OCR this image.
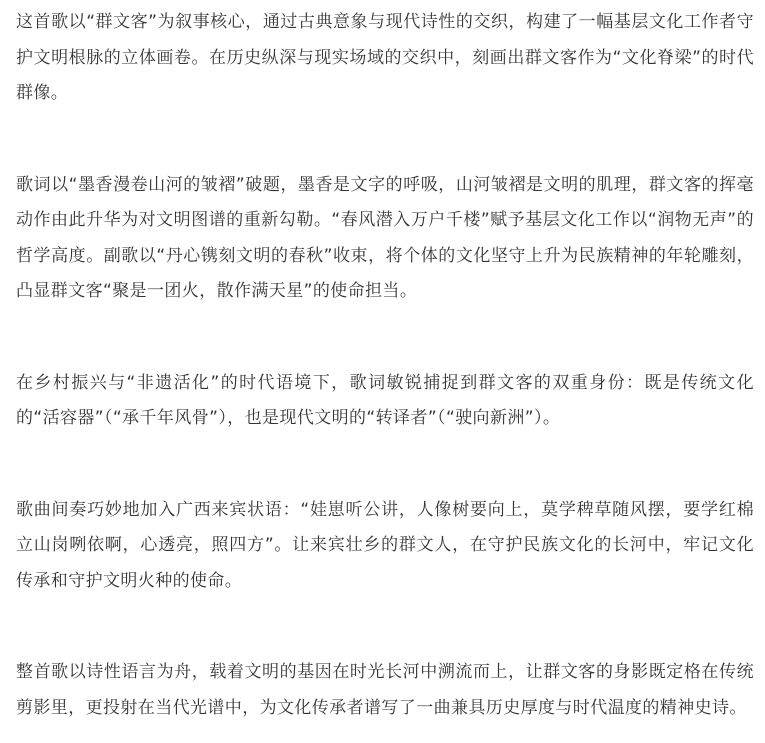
这首歌以“群文客”为叙事核心，通过古典意象与现代诗性的交织，构建了一幅基层文化工作者守护文明根脉的立体画卷。在历史纵深与现实场域的交织中，刻画出群文客作为“文化脊梁”的时代群像。

歌词以“墨香漫卷山河的皱褶”破题，墨香是文字的呼吸，山河皱褶是文明的肌理，群文客的挥毫动作由此升华为对文明图谱的重新勾勒。“春风潜入万户千楼”赋予基层文化工作以“润物无声”的哲学高度。副歌以“丹心镌刻文明的春秋”收束，将个体的文化坚守上升为民族精神的年轮雕刻，凸显群文客“聚是一团火，散作满天星”的使命担当。

在乡村振兴与“非遗活化”的时代语境下，歌词敏锐捕捉到群文客的双重身份：既是传统文化的“活容器”（“承千年风骨”），也是现代文明的“转译者”（“驶向新洲”）。

歌曲间奏巧妙地加入广西来宾状语：“娃崽听公讲，人像树要向上，莫学稗草随风摆，要学红棉立山岗咧依啊，心透亮，照四方”。让来宾壮乡的群文人，在守护民族文化的长河中，牢记文化传承和守护文明火种的使命。

整首歌以诗性语言为舟，载着文明的基因在时光长河中溯流而上，让群文客的身影既定格在传统剪影里，更投射在当代光谱中，为文化传承者谱写了一曲兼具历史厚度与时代温度的精神史诗。
